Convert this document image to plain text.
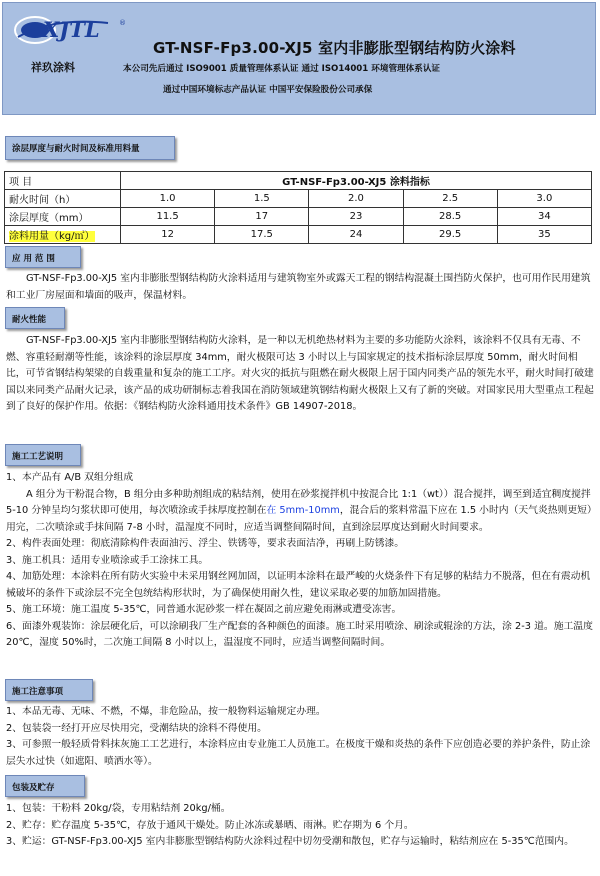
XJTL	®
GT-NSF-Fp3.00-XJ5 室内非膨胀型钢结构防火涂料
祥玖涂料	本公司先后通过 ISO9001 质量管理体系认证 通过 ISO14001 环境管理体系认证
通过中国环境标志产品认证 中国平安保险股份公司承保
涂层厚度与耐火时间及标准用料量
项 目	GT-NSF-Fp3.00-XJ5 涂料指标				
耐火时间（h）	1.0	1.5	2.0	2.5	3.0
涂层厚度（mm）	11.5	17	23	28.5	34
涂料用量（kg/㎡）	12	17.5	24	29.5	35
应 用 范 围

GT-NSF-Fp3.00-XJ5 室内非膨胀型钢结构防火涂料适用与建筑物室外或露天工程的钢结构混凝土围挡防火保护，也可用作民用建筑和工业厂房屋面和墙面的吸声，保温材料。

耐火性能

GT-NSF-Fp3.00-XJ5 室内非膨胀型钢结构防火涂料，是一种以无机绝热材料为主要的多功能防火涂料，该涂料不仅具有无毒、不燃、容重轻耐潮等性能，该涂料的涂层厚度 34mm，耐火极限可达 3 小时以上与国家规定的技术指标涂层厚度 50mm，耐火时间相比，可节省钢结构架梁的自载重量和复杂的施工工序。对火灾的抵抗与阻燃在耐火极限上居于国内同类产品的领先水平，耐火时间打破建国以来同类产品耐火记录，该产品的成功研制标志着我国在消防领域建筑钢结构耐火极限上又有了新的突破。对国家民用大型重点工程起到了良好的保护作用。依据：《钢结构防火涂料通用技术条件》GB 14907-2018。

施工工艺说明

1、本产品有 A/B 双组分组成

A 组分为干粉混合物，B 组分由多种助剂组成的粘结剂，使用在砂浆搅拌机中按混合比 1:1（wt））混合搅拌，调至到适宜稠度搅拌 5-10 分钟呈均匀浆状即可使用，每次喷涂或手抹厚度控制在在 5mm-10mm，混合后的浆料常温下应在 1.5 小时内（天气炎热则更短）用完，二次喷涂或手抹间隔 7-8 小时，温湿度不同时，应适当调整间隔时间，直到涂层厚度达到耐火时间要求。

2、构件表面处理：彻底清除构件表面油污、浮尘、铁锈等，要求表面洁净，再刷上防锈漆。

3、施工机具：适用专业喷涂或手工涂抹工具。

4、加筋处理：本涂料在所有防火实验中未采用钢丝网加固，以证明本涂料在最严峻的火烧条件下有足够的粘结力不脱落，但在有震动机械破坏的条件下或涂层不完全包统结构形状时，为了确保使用耐久性，建议采取必要的加筋加固措施。

5、施工环境：施工温度 5-35℃，同普通水泥砂浆一样在凝固之前应避免雨淋或遭受冻害。

6、面漆外观装饰：涂层硬化后，可以涂刷我厂生产配套的各种颜色的面漆。施工时采用喷涂、刷涂或辊涂的方法，涂 2-3 道。施工温度 20℃，湿度 50%时，二次施工间隔 8 小时以上，温湿度不同时，应适当调整间隔时间。

施工注意事项

1、本品无毒、无味、不燃，不爆，非危险品，按一般物料运输规定办理。

2、包装袋一经打开应尽快用完，受潮结块的涂料不得使用。

3、可参照一般轻质骨料抹灰施工工艺进行，本涂料应由专业施工人员施工。在极度干燥和炎热的条件下应创造必要的养护条件，防止涂层失水过快（如遮阳、喷洒水等）。

包装及贮存

1、包装：干粉料 20kg/袋，专用粘结剂 20kg/桶。

2、贮存：贮存温度 5-35℃，存放于通风干燥处。防止冰冻或暴晒、雨淋。贮存期为 6 个月。

3、贮运：GT-NSF-Fp3.00-XJ5 室内非膨胀型钢结构防火涂料过程中切勿受潮和散包，贮存与运输时，粘结剂应在 5-35℃范围内。
